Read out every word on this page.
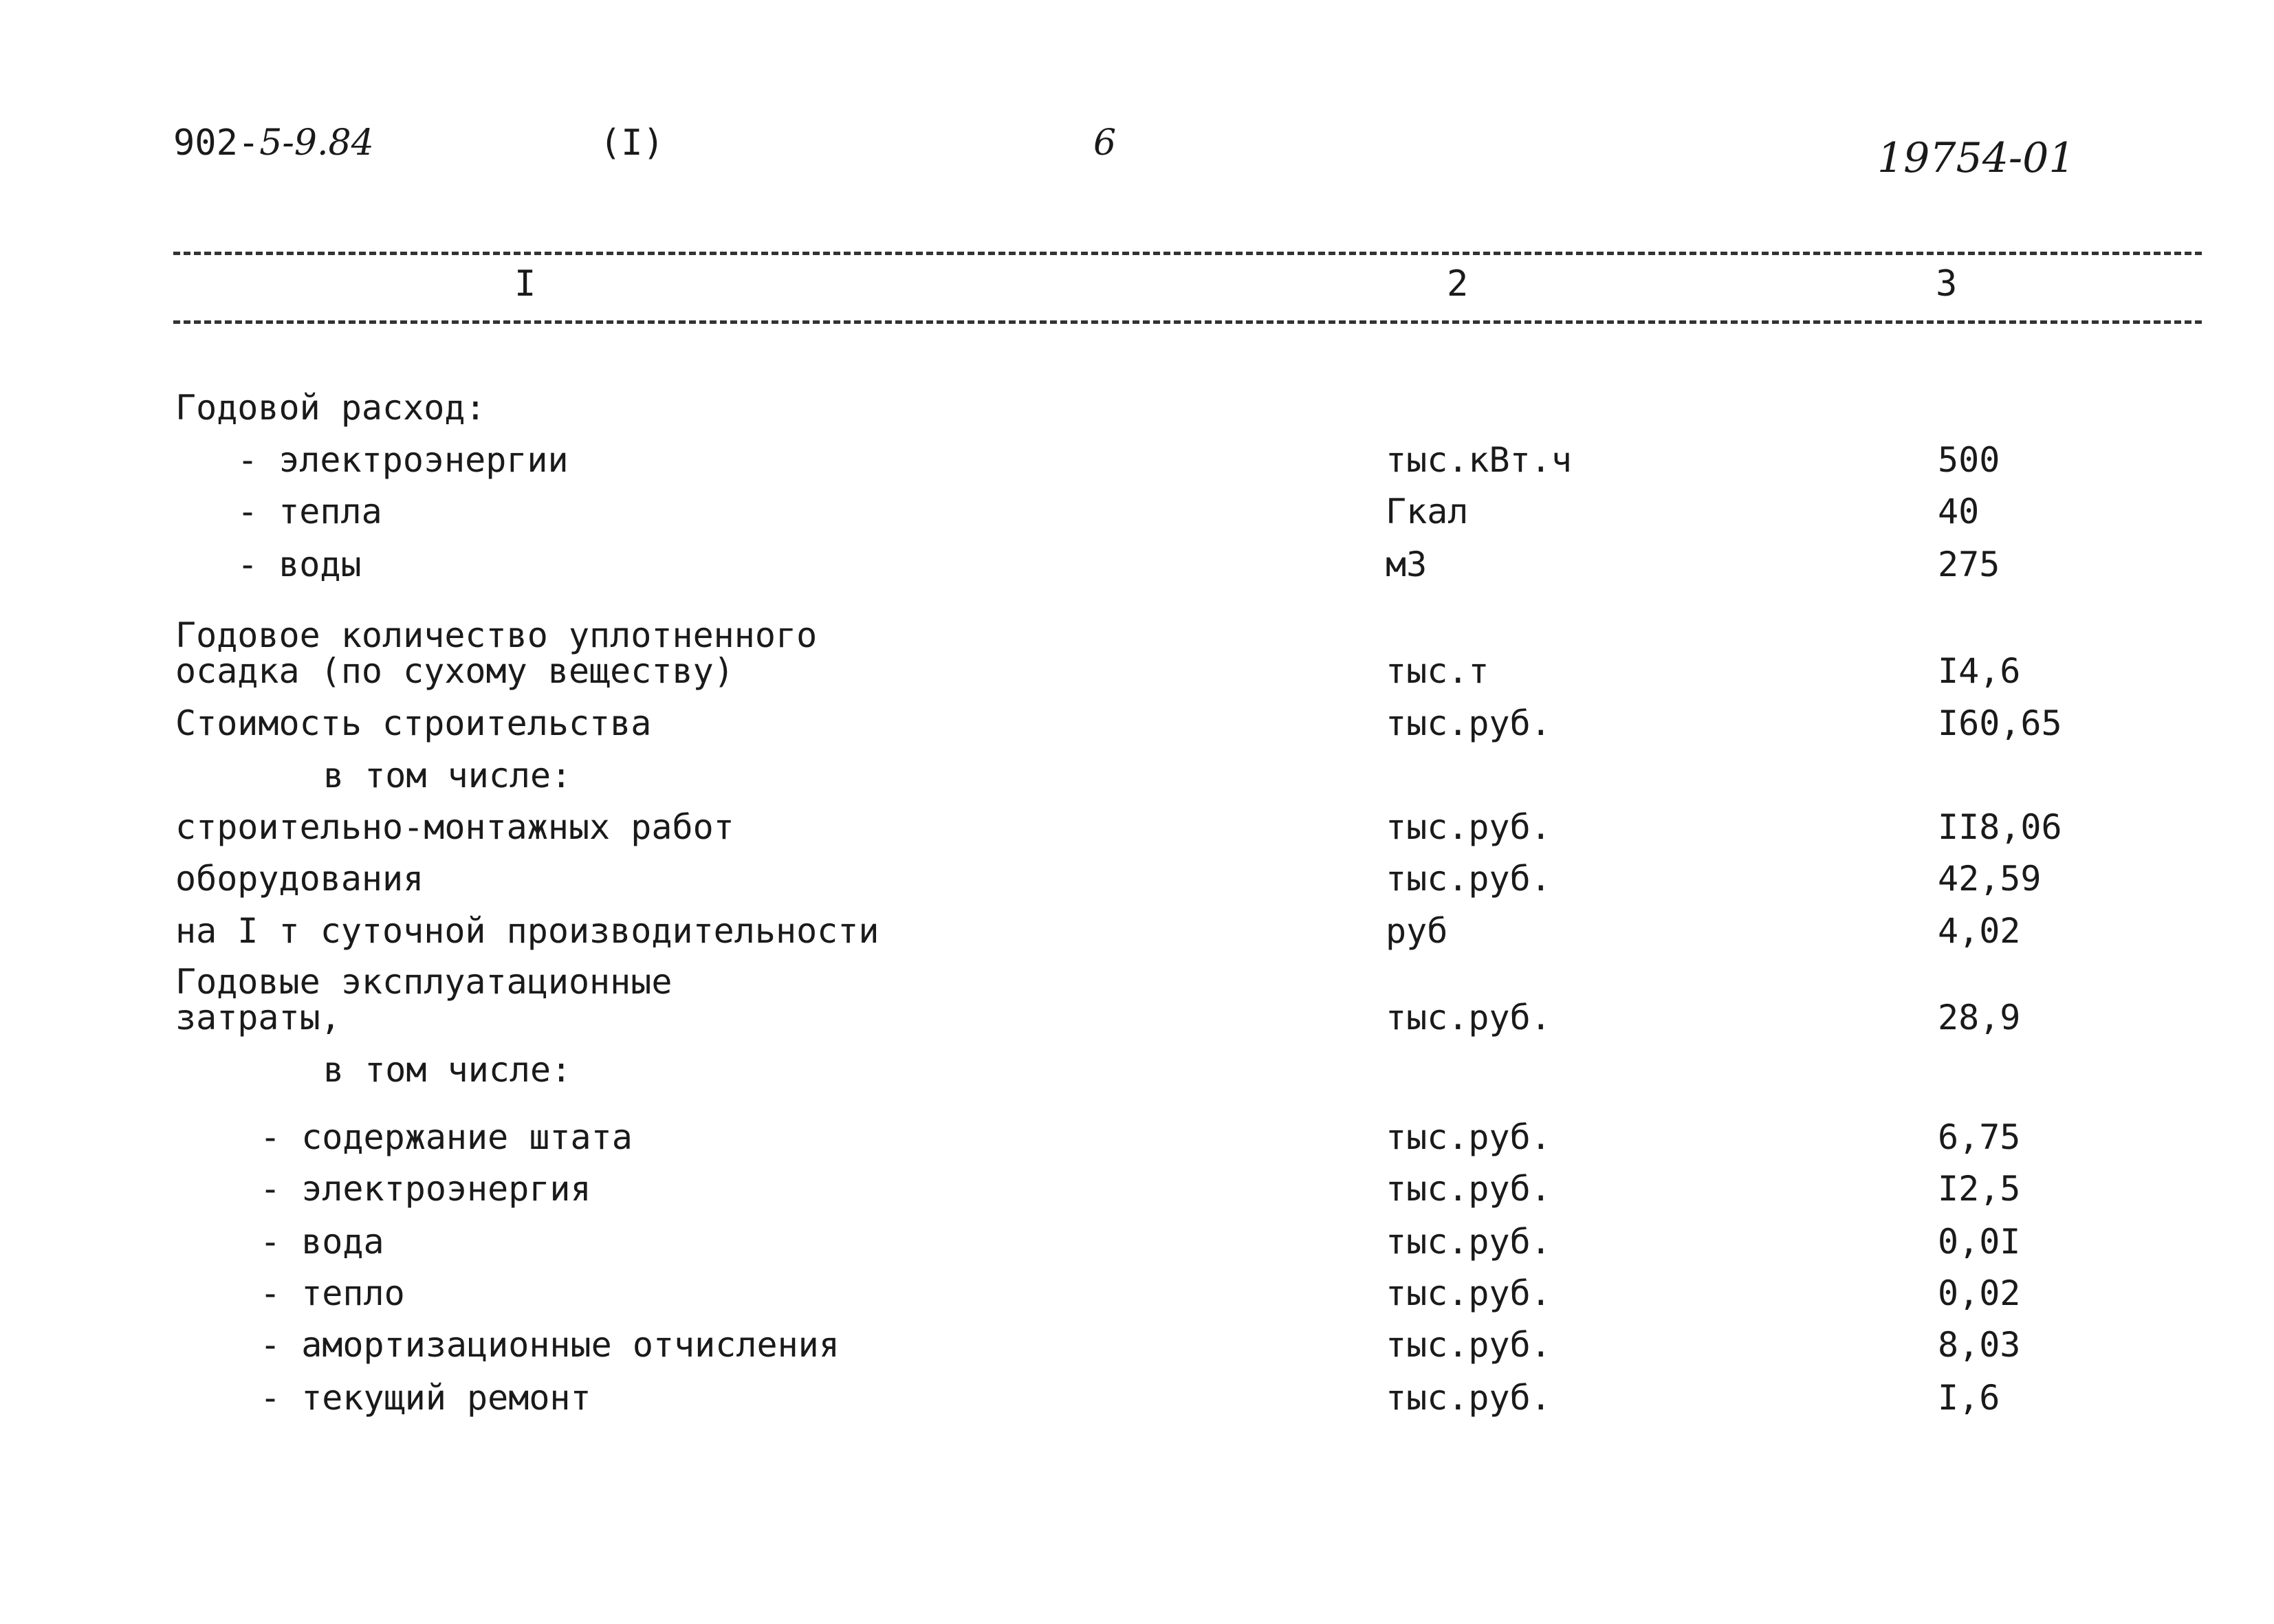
902-5-9.84	(I)	6	19754-01
I	2	3
Годовой расход:
- электроэнергии	тыс.кВт.ч	500
- тепла	Гкал	40
- воды	м3	275
Годовое количество уплотненного
осадка (по сухому веществу)	тыс.т	I4,6
Стоимость строительства	тыс.руб.	I60,65
в том числе:
строительно-монтажных работ	тыс.руб.	II8,06
оборудования	тыс.руб.	42,59
на I т суточной производительности	руб	4,02
Годовые эксплуатационные
затраты,	тыс.руб.	28,9
в том числе:
- содержание штата	тыс.руб.	6,75
- электроэнергия	тыс.руб.	I2,5
- вода	тыс.руб.	0,0I
- тепло	тыс.руб.	0,02
- амортизационные отчисления	тыс.руб.	8,03
- текущий ремонт	тыс.руб.	I,6
